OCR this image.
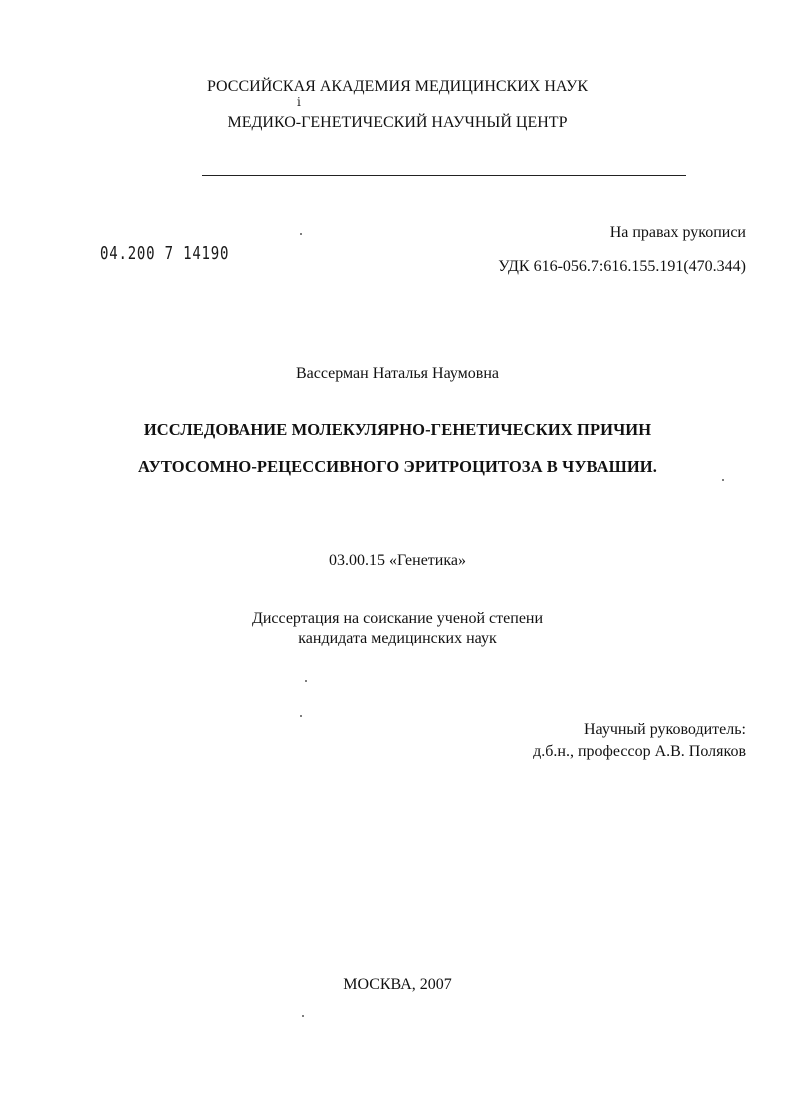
РОССИЙСКАЯ АКАДЕМИЯ МЕДИЦИНСКИХ НАУК
МЕДИКО-ГЕНЕТИЧЕСКИЙ НАУЧНЫЙ ЦЕНТР
ⅰ
04.200 7 14190
На правах рукописи
УДК 616-056.7:616.155.191(470.344)
Вассерман Наталья Наумовна
ИССЛЕДОВАНИЕ МОЛЕКУЛЯРНО-ГЕНЕТИЧЕСКИХ ПРИЧИН
АУТОСОМНО-РЕЦЕССИВНОГО ЭРИТРОЦИТОЗА В ЧУВАШИИ.
03.00.15 «Генетика»
Диссертация на соискание ученой степени
кандидата медицинских наук
Научный руководитель:
д.б.н., профессор А.В. Поляков
МОСКВА, 2007
